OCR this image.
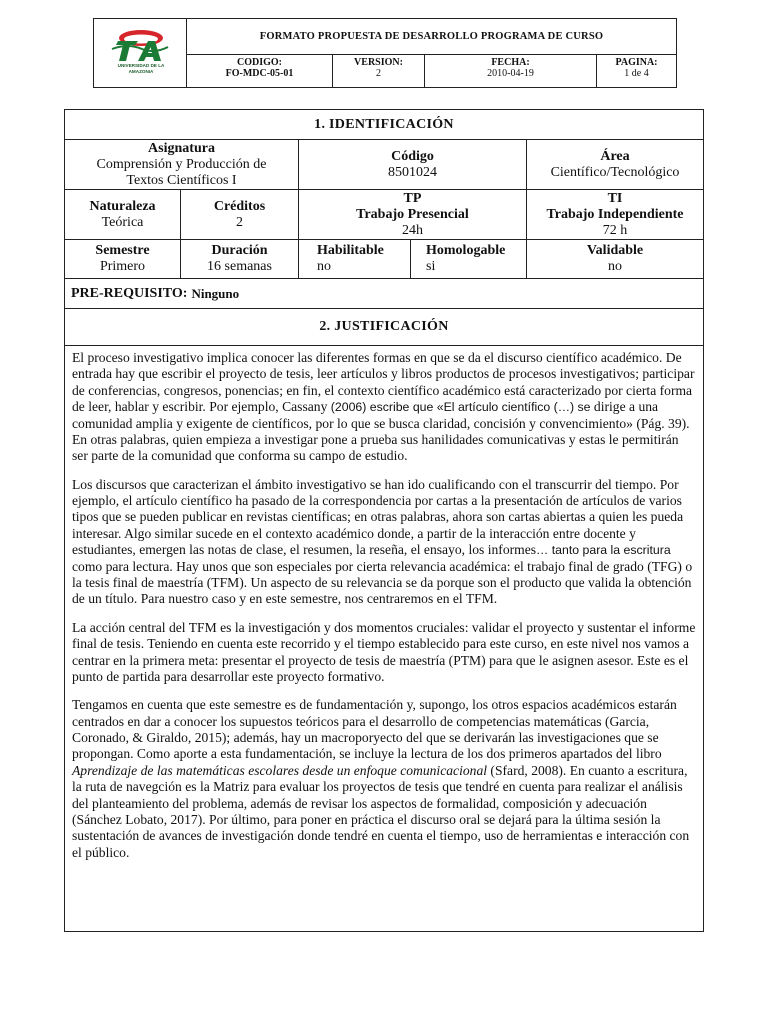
UNIVERSIDAD DE LA
AMAZONIA
FORMATO PROPUESTA DE DESARROLLO PROGRAMA DE CURSO
CODIGO:
FO-MDC-05-01
VERSION:
2
FECHA:
2010-04-19
PAGINA:
1 de 4
1. IDENTIFICACIÓN
Asignatura
Comprensión y Producción de
Textos Científicos I
Código
8501024
Área
Científico/Tecnológico
Naturaleza
Teórica
Créditos
2
TP
Trabajo Presencial
24h
TI
Trabajo Independiente
72 h
Semestre
Primero
Duración
16 semanas
Habilitable
no
Homologable
si
Validable
no
PRE-REQUISITO: Ninguno
2. JUSTIFICACIÓN

El proceso investigativo implica conocer las diferentes formas en que se da el discurso científico académico. De entrada hay que escribir el proyecto de tesis, leer artículos y libros productos de procesos investigativos; participar de conferencias, congresos, ponencias; en fin, el contexto científico académico está caracterizado por cierta forma de leer, hablar y escribir. Por ejemplo, Cassany (2006) escribe que «El artículo científico (…) se dirige a una comunidad amplia y exigente de científicos, por lo que se busca claridad, concisión y convencimiento» (Pág. 39). En otras palabras, quien empieza a investigar pone a prueba sus hanilidades comunicativas y estas le permitirán ser parte de la comunidad que conforma su campo de estudio.

Los discursos que caracterizan el ámbito investigativo se han ido cualificando con el transcurrir del tiempo. Por ejemplo, el artículo científico ha pasado de la correspondencia por cartas a la presentación de artículos de varios tipos que se pueden publicar en revistas científicas; en otras palabras, ahora son cartas abiertas a quien les pueda interesar. Algo similar sucede en el contexto académico donde, a partir de la interacción entre docente y estudiantes, emergen las notas de clase, el resumen, la reseña, el ensayo, los informes… tanto para la escritura como para lectura. Hay unos que son especiales por cierta relevancia académica: el trabajo final de grado (TFG) o la tesis final de maestría (TFM). Un aspecto de su relevancia se da porque son el producto que valida la obtención de un título. Para nuestro caso y en este semestre, nos centraremos en el TFM.

La acción central del TFM es la investigación y dos momentos cruciales: validar el proyecto y sustentar el informe final de tesis. Teniendo en cuenta este recorrido y el tiempo establecido para este curso, en este nivel nos vamos a centrar en la primera meta: presentar el proyecto de tesis de maestría (PTM) para que le asignen asesor. Este es el punto de partida para desarrollar este proyecto formativo.

Tengamos en cuenta que este semestre es de fundamentación y, supongo, los otros espacios académicos estarán centrados en dar a conocer los supuestos teóricos para el desarrollo de competencias matemáticas (Garcia, Coronado, & Giraldo, 2015); además, hay un macroporyecto del que se derivarán las investigaciones que se propongan. Como aporte a esta fundamentación, se incluye la lectura de los dos primeros apartados del libro Aprendizaje de las matemáticas escolares desde un enfoque comunicacional (Sfard, 2008). En cuanto a escritura, la ruta de navegción es la Matriz para evaluar los proyectos de tesis que tendré en cuenta para realizar el análisis del planteamiento del problema, además de revisar los aspectos de formalidad, composición y adecuación (Sánchez Lobato, 2017). Por último, para poner en práctica el discurso oral se dejará para la última sesión la sustentación de avances de investigación donde tendré en cuenta el tiempo, uso de herramientas e interacción con el público.
